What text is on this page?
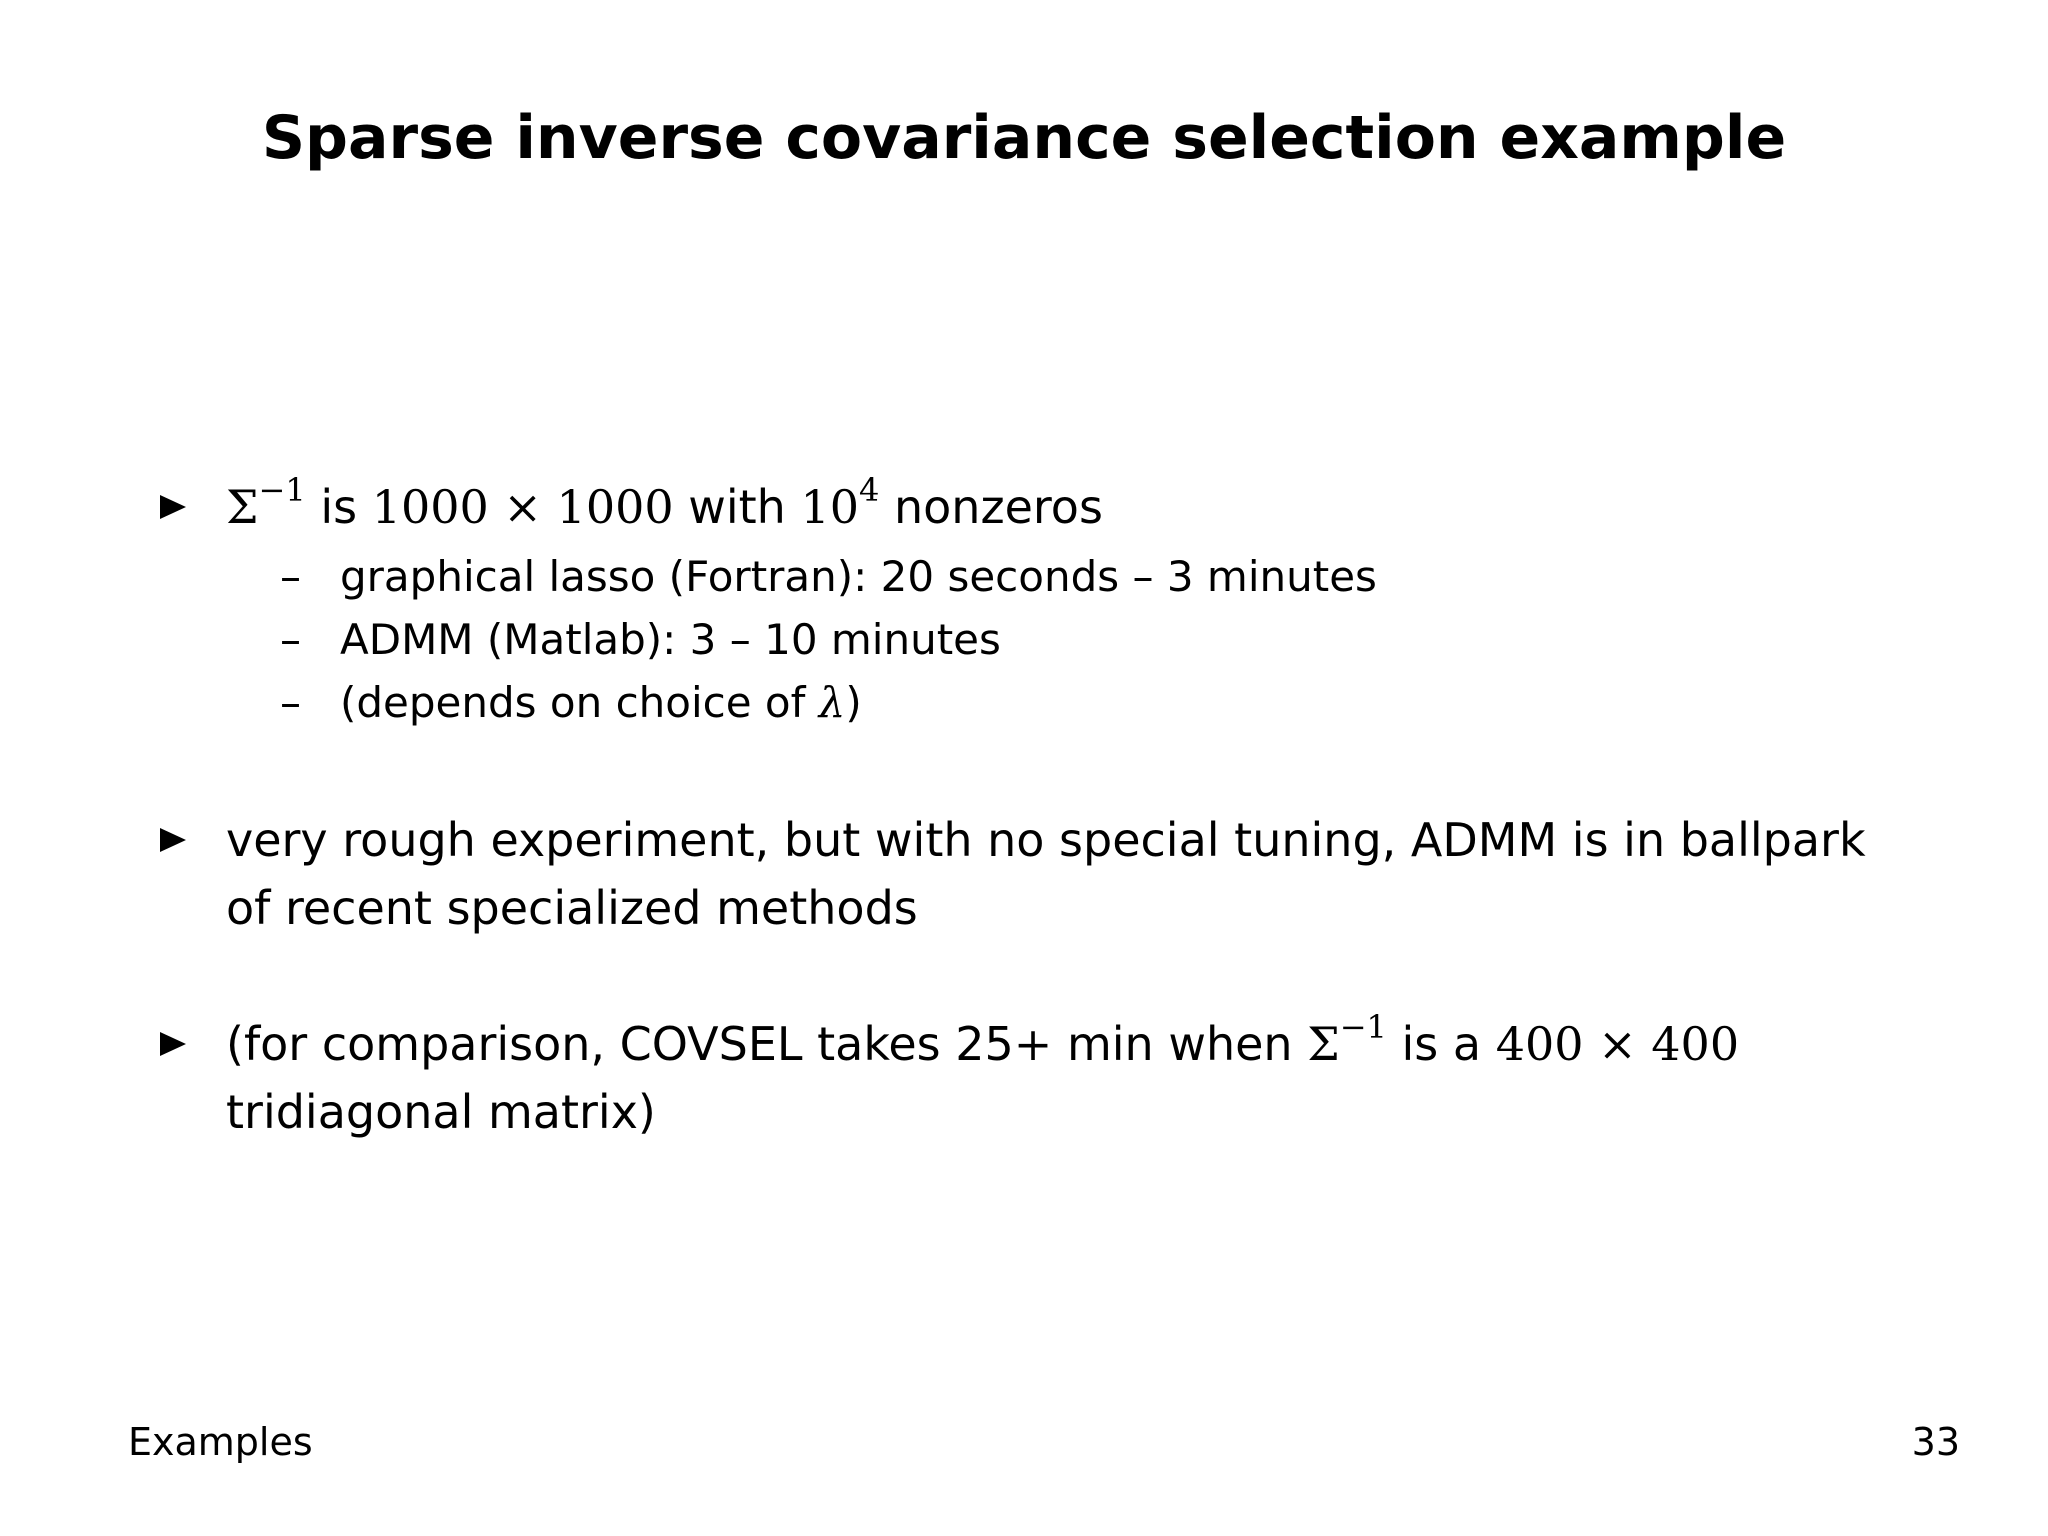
Sparse inverse covariance selection example
$\Sigma^{-1}$ is 1000 × 1000 with $10^4$ nonzeros
– graphical lasso (Fortran): 20 seconds – 3 minutes
– ADMM (Matlab): 3 – 10 minutes
– (depends on choice of λ)
very rough experiment, but with no special tuning, ADMM is in ballpark
of recent specialized methods
(for comparison, COVSEL takes 25+ min when $\Sigma^{-1}$ is a 400 × 400
tridiagonal matrix)
Examples	33
